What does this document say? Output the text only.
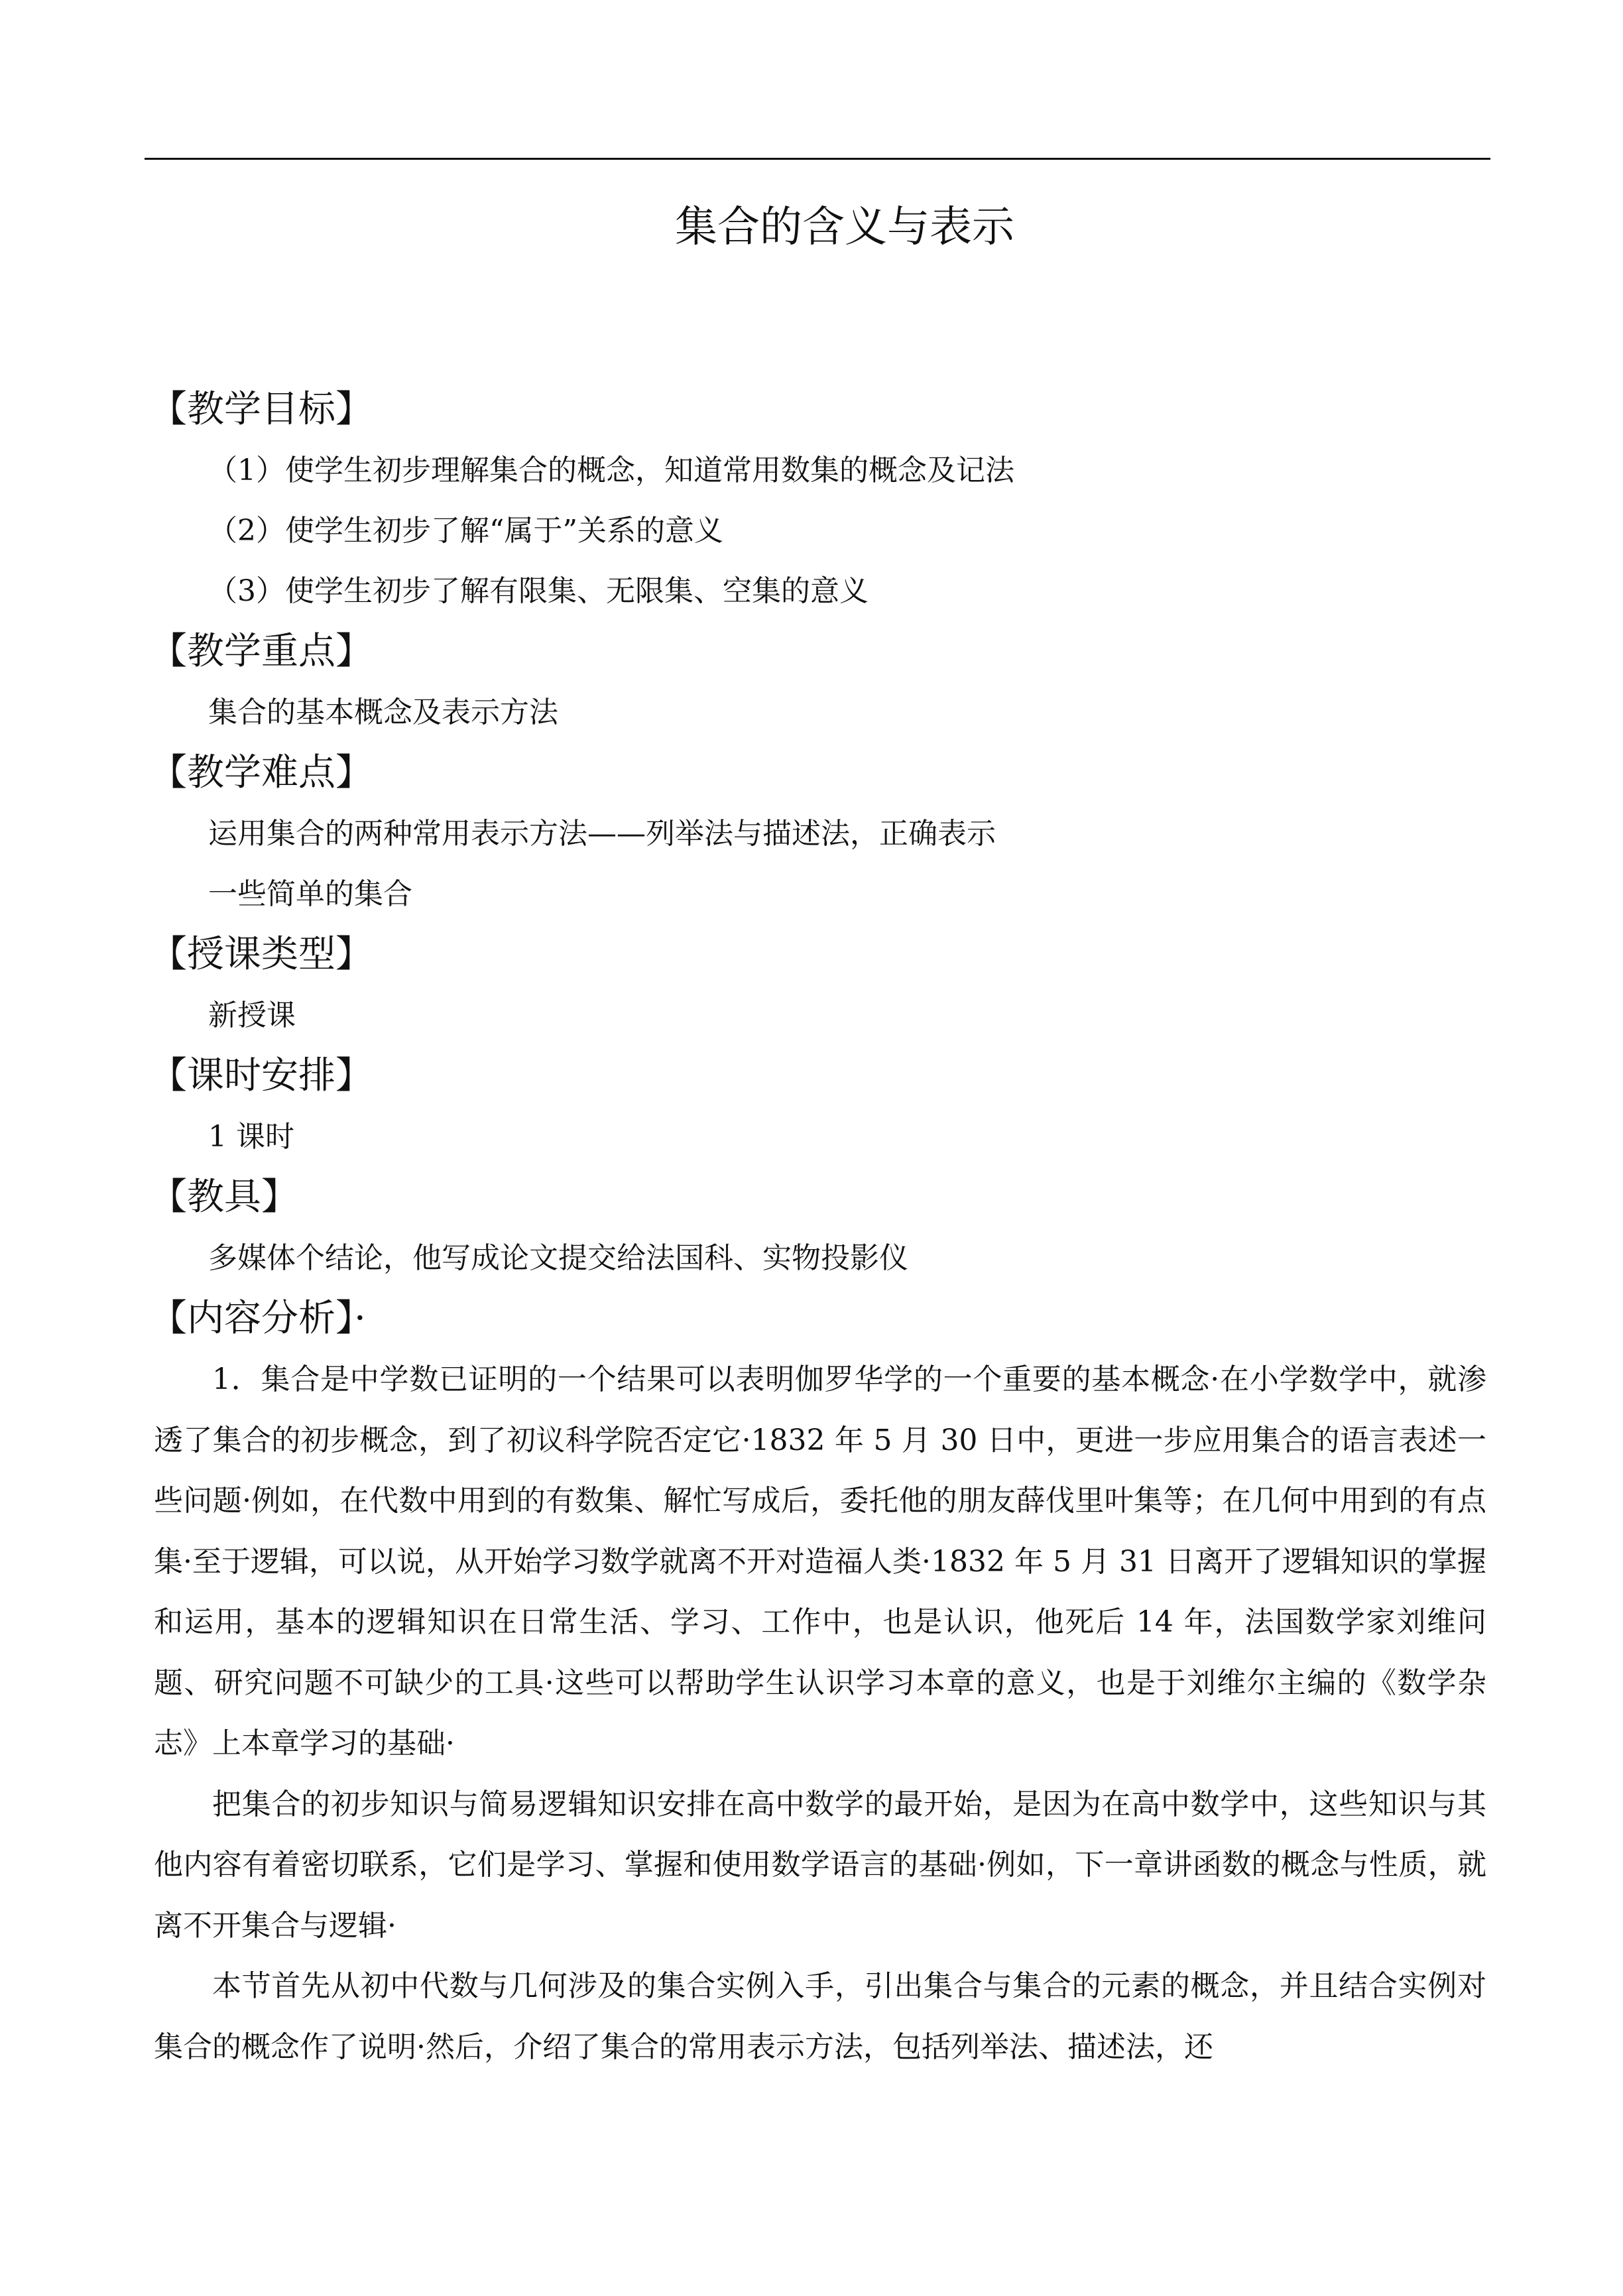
集合的含义与表示
【教学目标】
（1）使学生初步理解集合的概念，知道常用数集的概念及记法
（2）使学生初步了解“属于”关系的意义
（3）使学生初步了解有限集、无限集、空集的意义
【教学重点】
集合的基本概念及表示方法
【教学难点】
运用集合的两种常用表示方法——列举法与描述法，正确表示
一些简单的集合
【授课类型】
新授课
【课时安排】
1 课时
【教具】
多媒体个结论，他写成论文提交给法国科、实物投影仪
【内容分析】·

1．集合是中学数已证明的一个结果可以表明伽罗华学的一个重要的基本概念·在小学数学中，就渗透了集合的初步概念，到了初议科学院否定它·1832 年 5 月 30 日中，更进一步应用集合的语言表述一些问题·例如，在代数中用到的有数集、解忙写成后，委托他的朋友薛伐里叶集等；在几何中用到的有点集·至于逻辑，可以说，从开始学习数学就离不开对造福人类·1832 年 5 月 31 日离开了逻辑知识的掌握和运用，基本的逻辑知识在日常生活、学习、工作中，也是认识，他死后 14 年，法国数学家刘维问题、研究问题不可缺少的工具·这些可以帮助学生认识学习本章的意义，也是于刘维尔主编的《数学杂志》上本章学习的基础·

把集合的初步知识与简易逻辑知识安排在高中数学的最开始，是因为在高中数学中，这些知识与其他内容有着密切联系，它们是学习、掌握和使用数学语言的基础·例如，下一章讲函数的概念与性质，就离不开集合与逻辑·

本节首先从初中代数与几何涉及的集合实例入手，引出集合与集合的元素的概念，并且结合实例对集合的概念作了说明·然后，介绍了集合的常用表示方法，包括列举法、描述法，还
